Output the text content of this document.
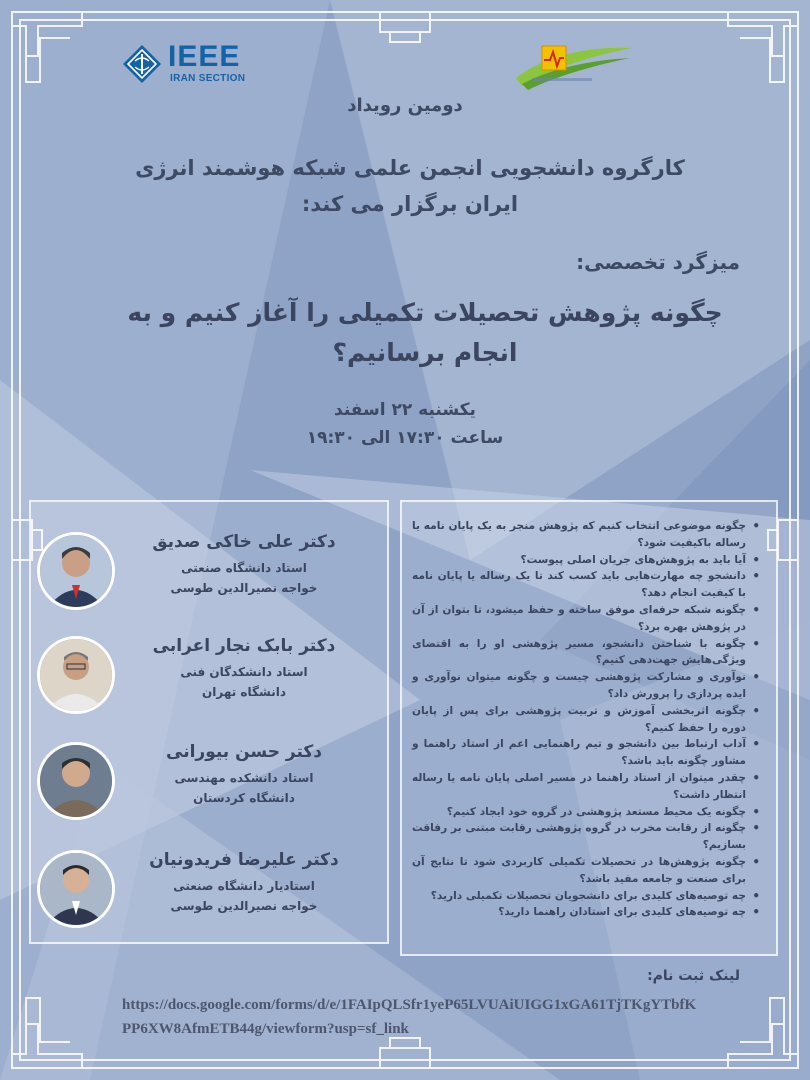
IEEE
IRAN SECTION
دومین رویداد
کارگروه دانشجویی انجمن علمی شبکه هوشمند انرژی ایران برگزار می کند:
میزگرد تخصصی:
چگونه پژوهش تحصیلات تکمیلی را آغاز کنیم و به انجام برسانیم؟
یکشنبه ۲۲ اسفند
ساعت ۱۷:۳۰ الی ۱۹:۳۰
دکتر علی خاکی صدیق
استاد دانشگاه صنعتی
خواجه نصیرالدین طوسی
دکتر بابک نجار اعرابی
استاد دانشکدگان فنی
دانشگاه تهران
دکتر حسن بیورانی
استاد دانشکده مهندسی
دانشگاه کردستان
دکتر علیرضا فریدونیان
استادیار دانشگاه صنعتی
خواجه نصیرالدین طوسی
• چگونه موضوعی انتخاب کنیم که پژوهش منجر به یک پایان نامه یا رساله باکیفیت شود؟
• آیا باید به پژوهش‌های جریان اصلی پیوست؟
• دانشجو چه مهارت‌هایی باید کسب کند تا یک رساله یا پایان نامه با کیفیت انجام دهد؟
• چگونه شبکه حرفه‌ای موفق ساخته و حفظ میشود، تا بتوان از آن در پژوهش بهره برد؟
• چگونه با شناختن دانشجو، مسیر پژوهشی او را به اقتضای ویژگی‌هایش جهت‌دهی کنیم؟
• نوآوری و مشارکت پژوهشی چیست و چگونه میتوان نوآوری و ایده پردازی را پرورش داد؟
• چگونه اثربخشی آموزش و تربیت پژوهشی برای پس از پایان دوره را حفظ کنیم؟
• آداب ارتباط بین دانشجو و تیم راهنمایی اعم از استاد راهنما و مشاور چگونه باید باشد؟
• چقدر میتوان از استاد راهنما در مسیر اصلی پایان نامه یا رساله انتظار داشت؟
• چگونه یک محیط مستعد پژوهشی در گروه خود ایجاد کنیم؟
• چگونه از رقابت مخرب در گروه پژوهشی رقابت مبتنی بر رفاقت بسازیم؟
• چگونه پژوهش‌ها در تحصیلات تکمیلی کاربردی شود تا نتایج آن برای صنعت و جامعه مفید باشد؟
• چه توصیه‌های کلیدی برای دانشجویان تحصیلات تکمیلی دارید؟
• چه توصیه‌های کلیدی برای استادان راهنما دارید؟
لینک ثبت نام:
https://docs.google.com/forms/d/e/1FAIpQLSfr1yeP65LVUAiUIGG1xGA61TjTKgYTbfKPP6XW8AfmETB44g/viewform?usp=sf_link
